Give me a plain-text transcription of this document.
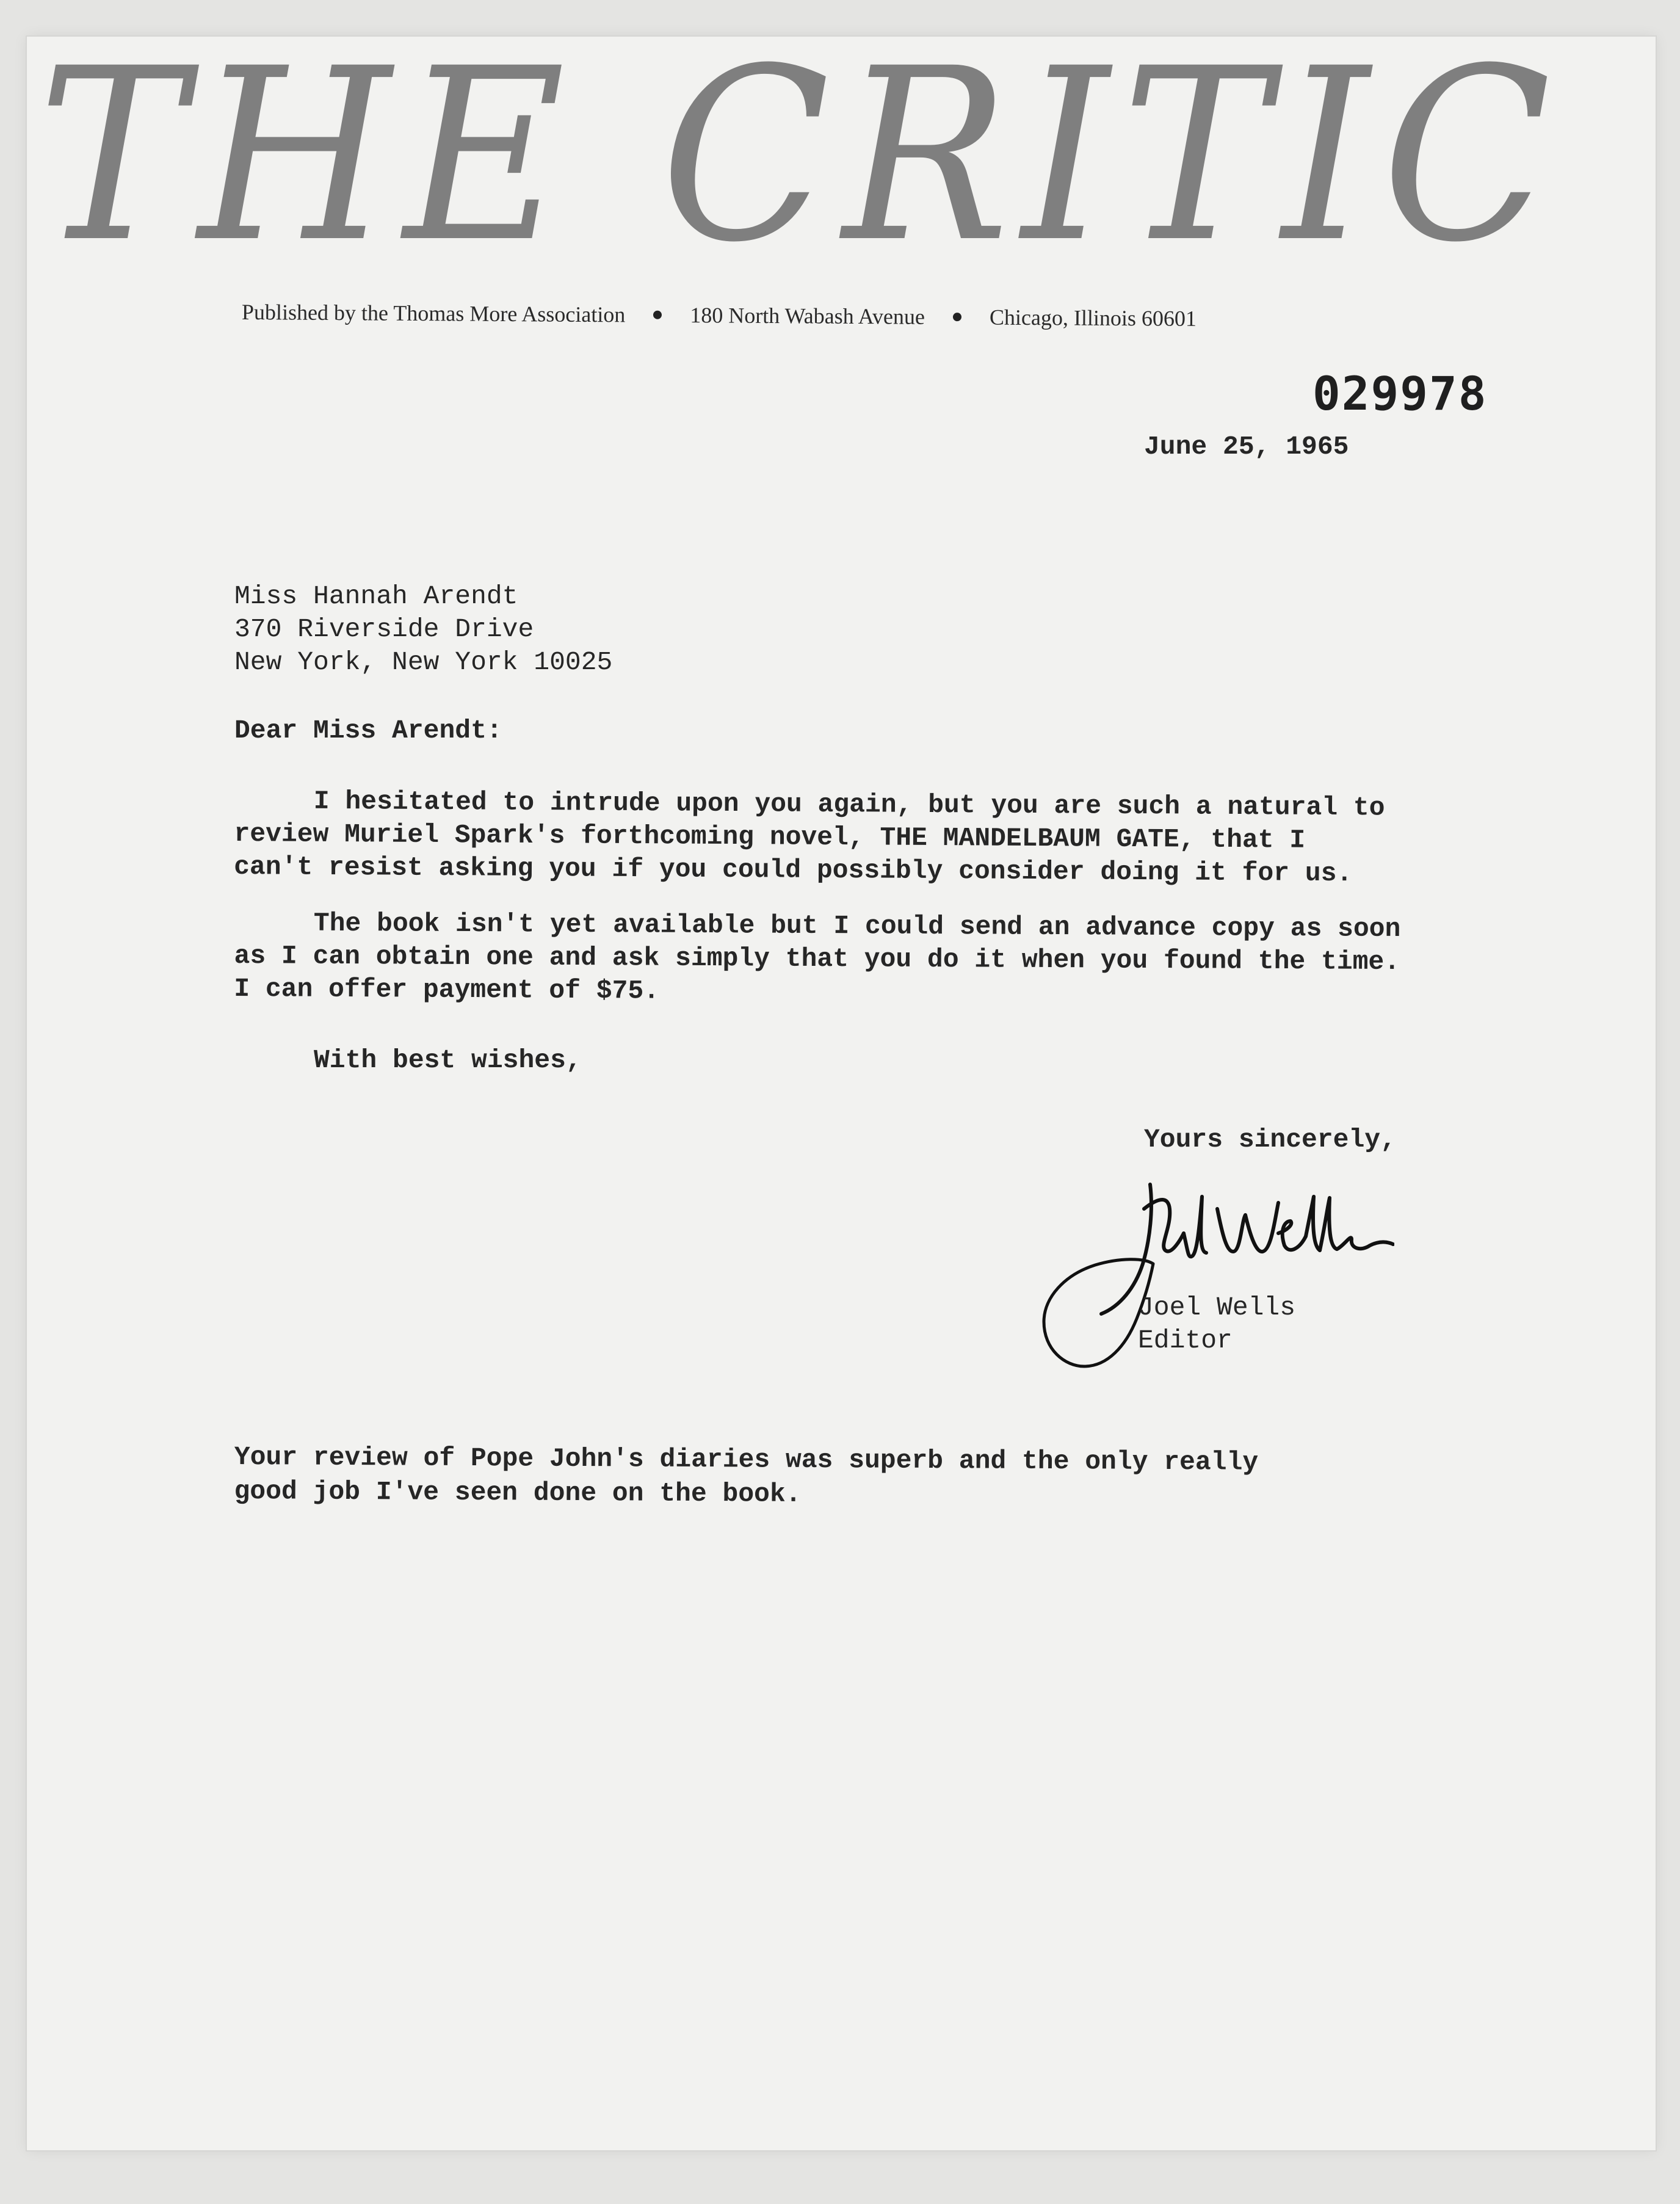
THE CRITIC
Published by the Thomas More Association	180 North Wabash Avenue	Chicago, Illinois 60601
029978
June 25, 1965
Miss Hannah Arendt
370 Riverside Drive
New York, New York 10025
Dear Miss Arendt:
I hesitated to intrude upon you again, but you are such a natural to
review Muriel Spark's forthcoming novel, THE MANDELBAUM GATE, that I
can't resist asking you if you could possibly consider doing it for us.
The book isn't yet available but I could send an advance copy as soon
as I can obtain one and ask simply that you do it when you found the time.
I can offer payment of $75.
With best wishes,
Yours sincerely,
Joel Wells
Editor
Your review of Pope John's diaries was superb and the only really
good job I've seen done on the book.
